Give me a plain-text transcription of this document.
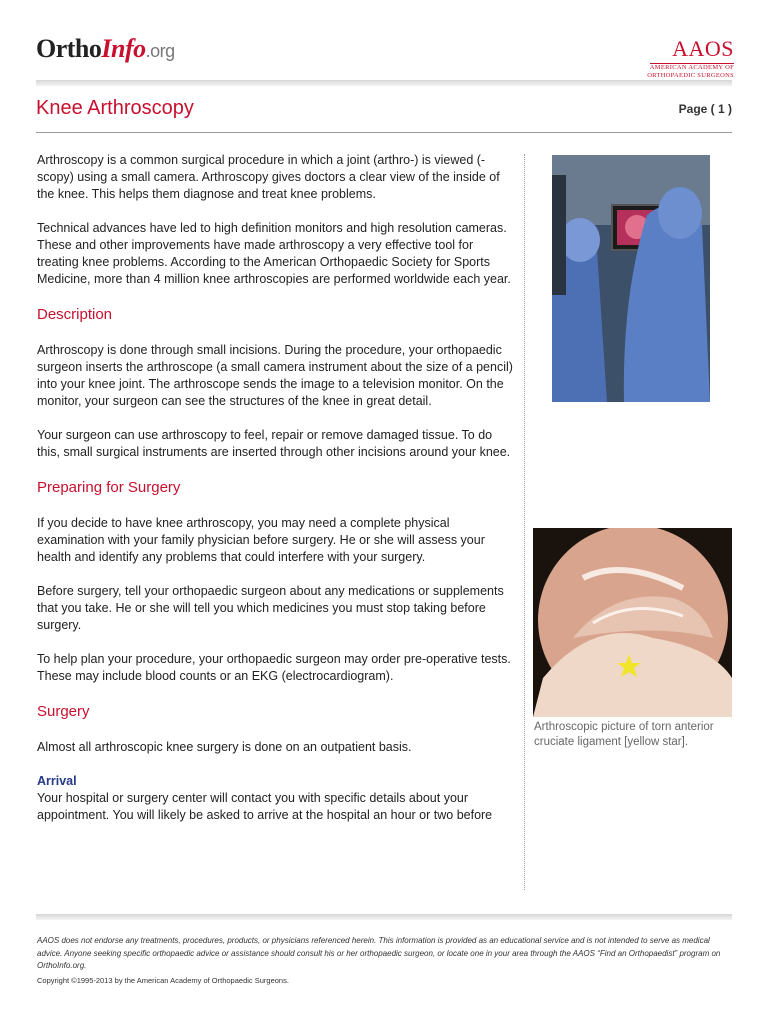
OrthoInfo.org	AAOS
AMERICAN ACADEMY OF
ORTHOPAEDIC SURGEONS
Knee Arthroscopy	Page ( 1 )

Arthroscopy is a common surgical procedure in which a joint (arthro-) is viewed (-scopy) using a small camera. Arthroscopy gives doctors a clear view of the inside of the knee. This helps them diagnose and treat knee problems.

Technical advances have led to high definition monitors and high resolution cameras. These and other improvements have made arthroscopy a very effective tool for treating knee problems. According to the American Orthopaedic Society for Sports Medicine, more than 4 million knee arthroscopies are performed worldwide each year.

Description

Arthroscopy is done through small incisions. During the procedure, your orthopaedic surgeon inserts the arthroscope (a small camera instrument about the size of a pencil) into your knee joint. The arthroscope sends the image to a television monitor. On the monitor, your surgeon can see the structures of the knee in great detail.

Your surgeon can use arthroscopy to feel, repair or remove damaged tissue. To do this, small surgical instruments are inserted through other incisions around your knee.

Preparing for Surgery

If you decide to have knee arthroscopy, you may need a complete physical examination with your family physician before surgery. He or she will assess your health and identify any problems that could interfere with your surgery.

Before surgery, tell your orthopaedic surgeon about any medications or supplements that you take. He or she will tell you which medicines you must stop taking before surgery.

To help plan your procedure, your orthopaedic surgeon may order pre-operative tests. These may include blood counts or an EKG (electrocardiogram).

Surgery

Almost all arthroscopic knee surgery is done on an outpatient basis.

Arrival

Your hospital or surgery center will contact you with specific details about your appointment. You will likely be asked to arrive at the hospital an hour or two before

Arthroscopic picture of torn anterior cruciate ligament [yellow star].
AAOS does not endorse any treatments, procedures, products, or physicians referenced herein. This information is provided as an educational service and is not intended to serve as medical advice. Anyone seeking specific orthopaedic advice or assistance should consult his or her orthopaedic surgeon, or locate one in your area through the AAOS “Find an Orthopaedist” program on OrthoInfo.org.
Copyright ©1995-2013 by the American Academy of Orthopaedic Surgeons.
